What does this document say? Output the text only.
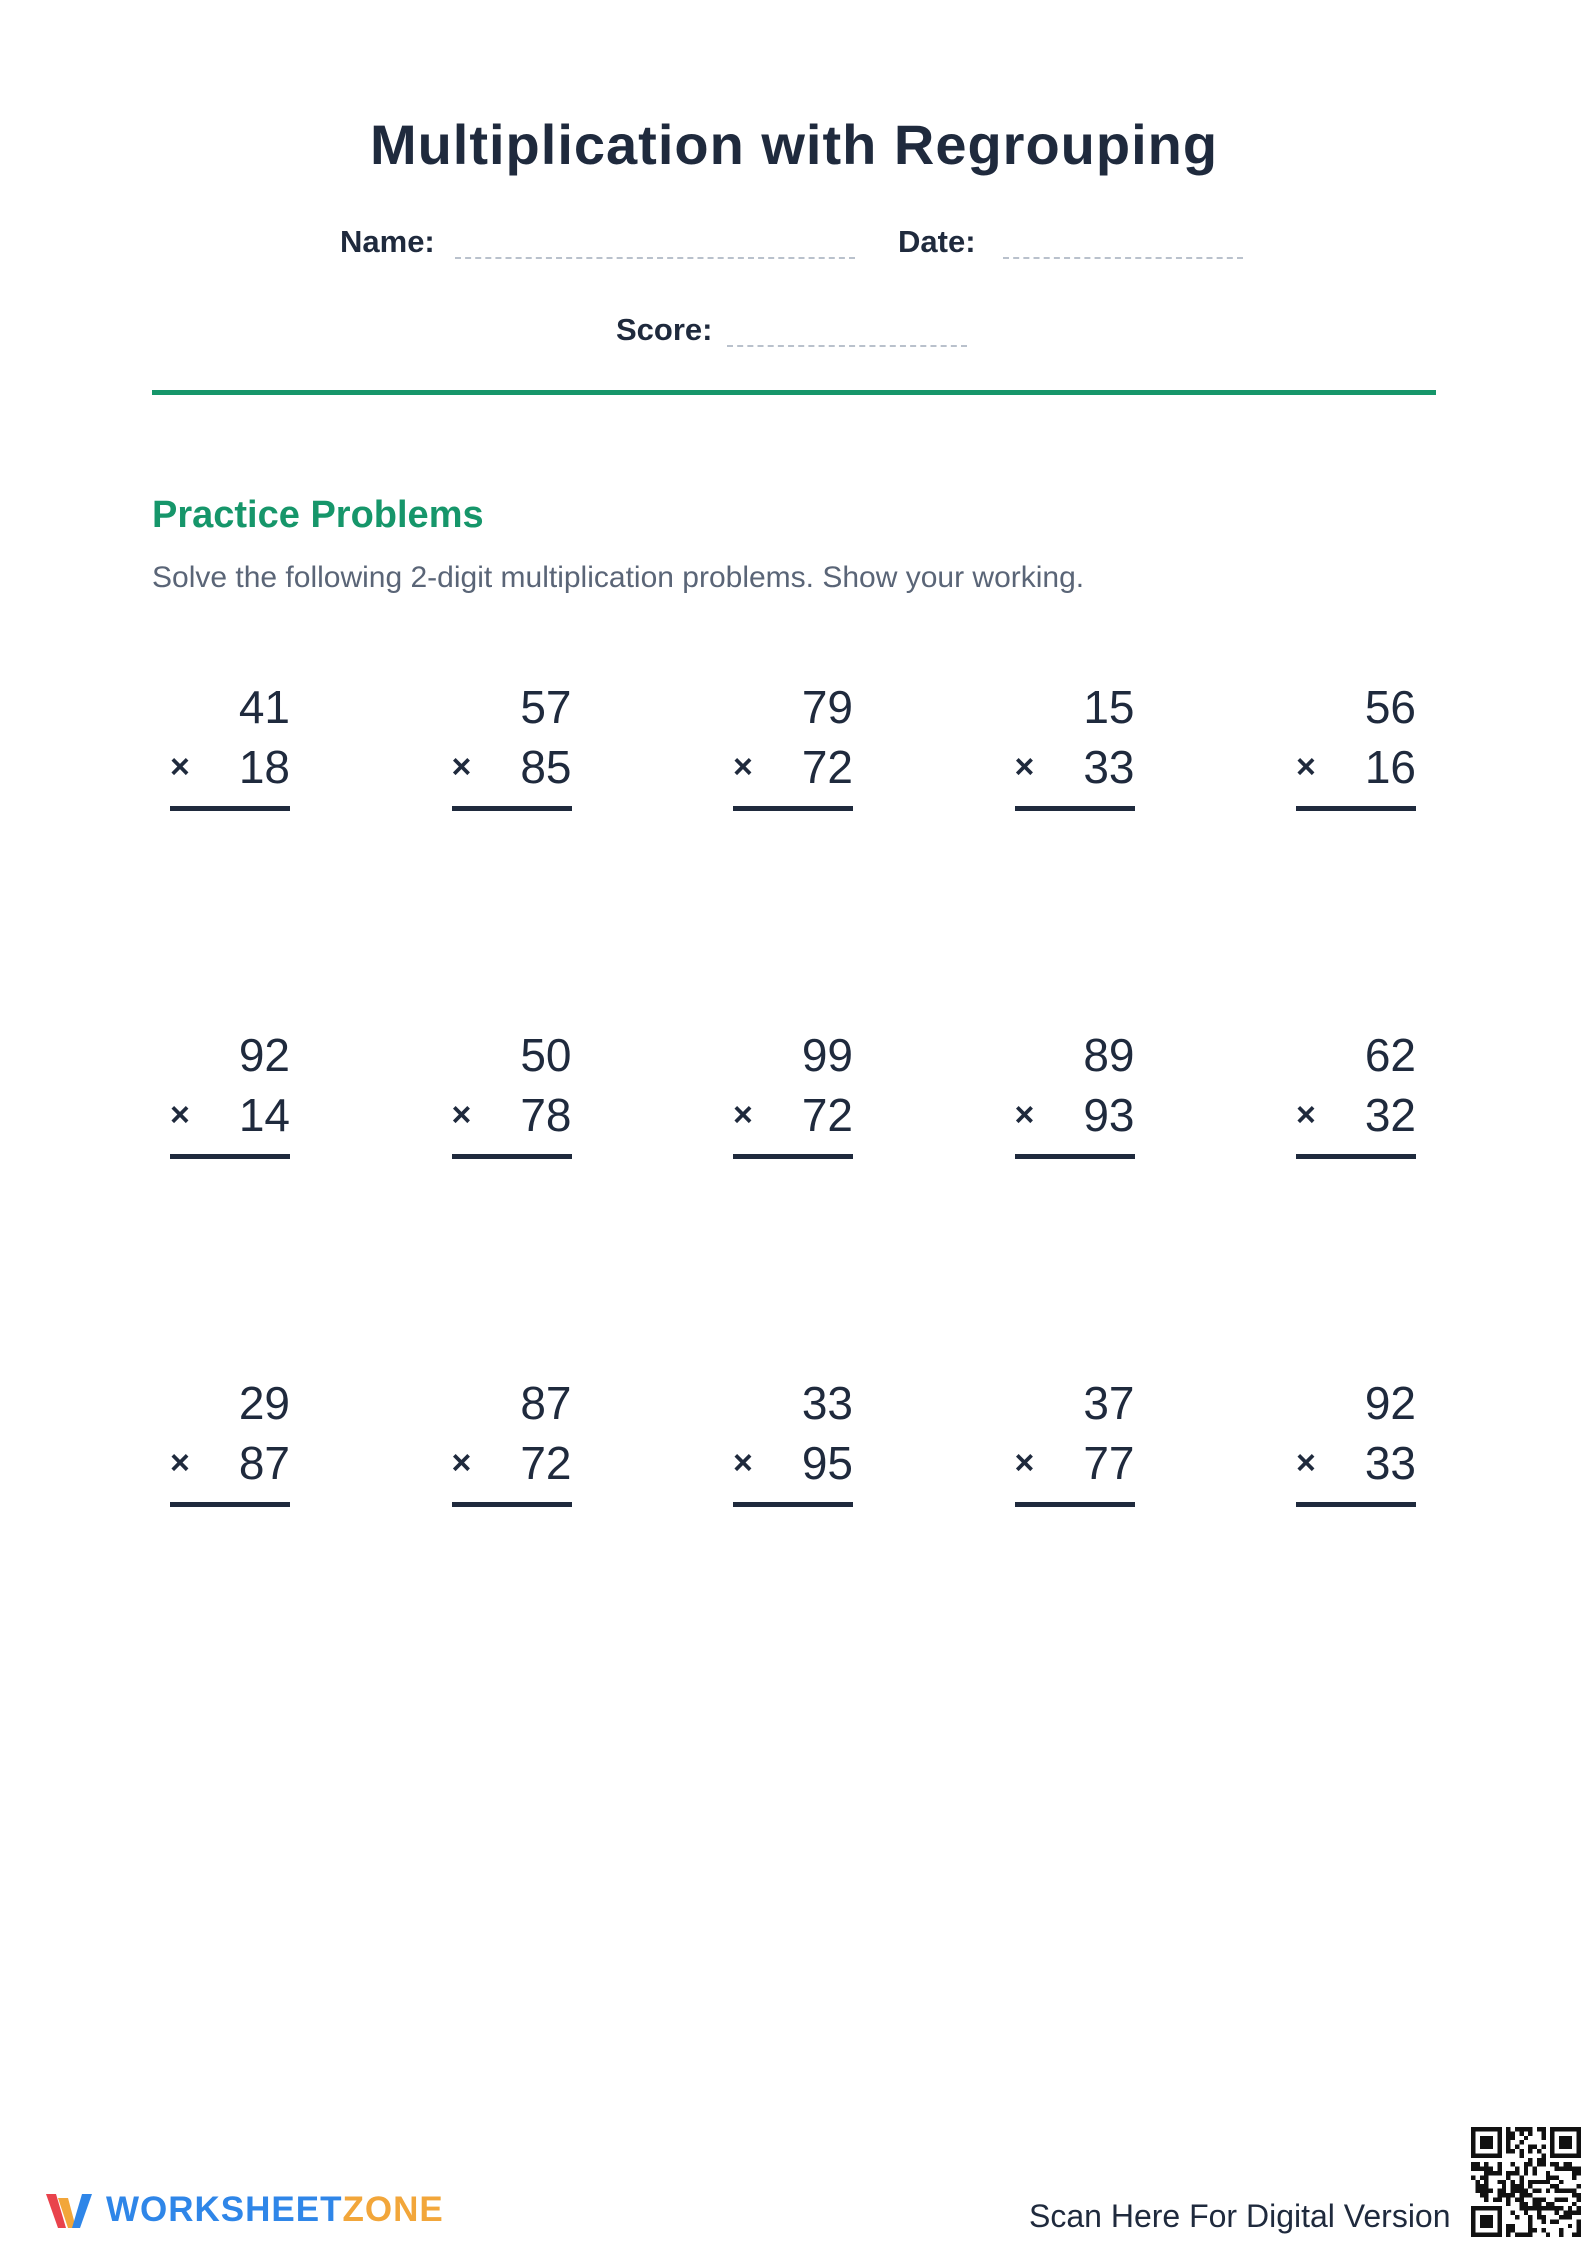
Multiplication with Regrouping
Name:	Date:
Score:
Practice Problems
Solve the following 2-digit multiplication problems. Show your working.
41
× 18
57
× 85
79
× 72
15
× 33
56
× 16
92
× 14
50
× 78
99
× 72
89
× 93
62
× 32
29
× 87
87
× 72
33
× 95
37
× 77
92
× 33
WORKSHEETZONE	Scan Here For Digital Version
